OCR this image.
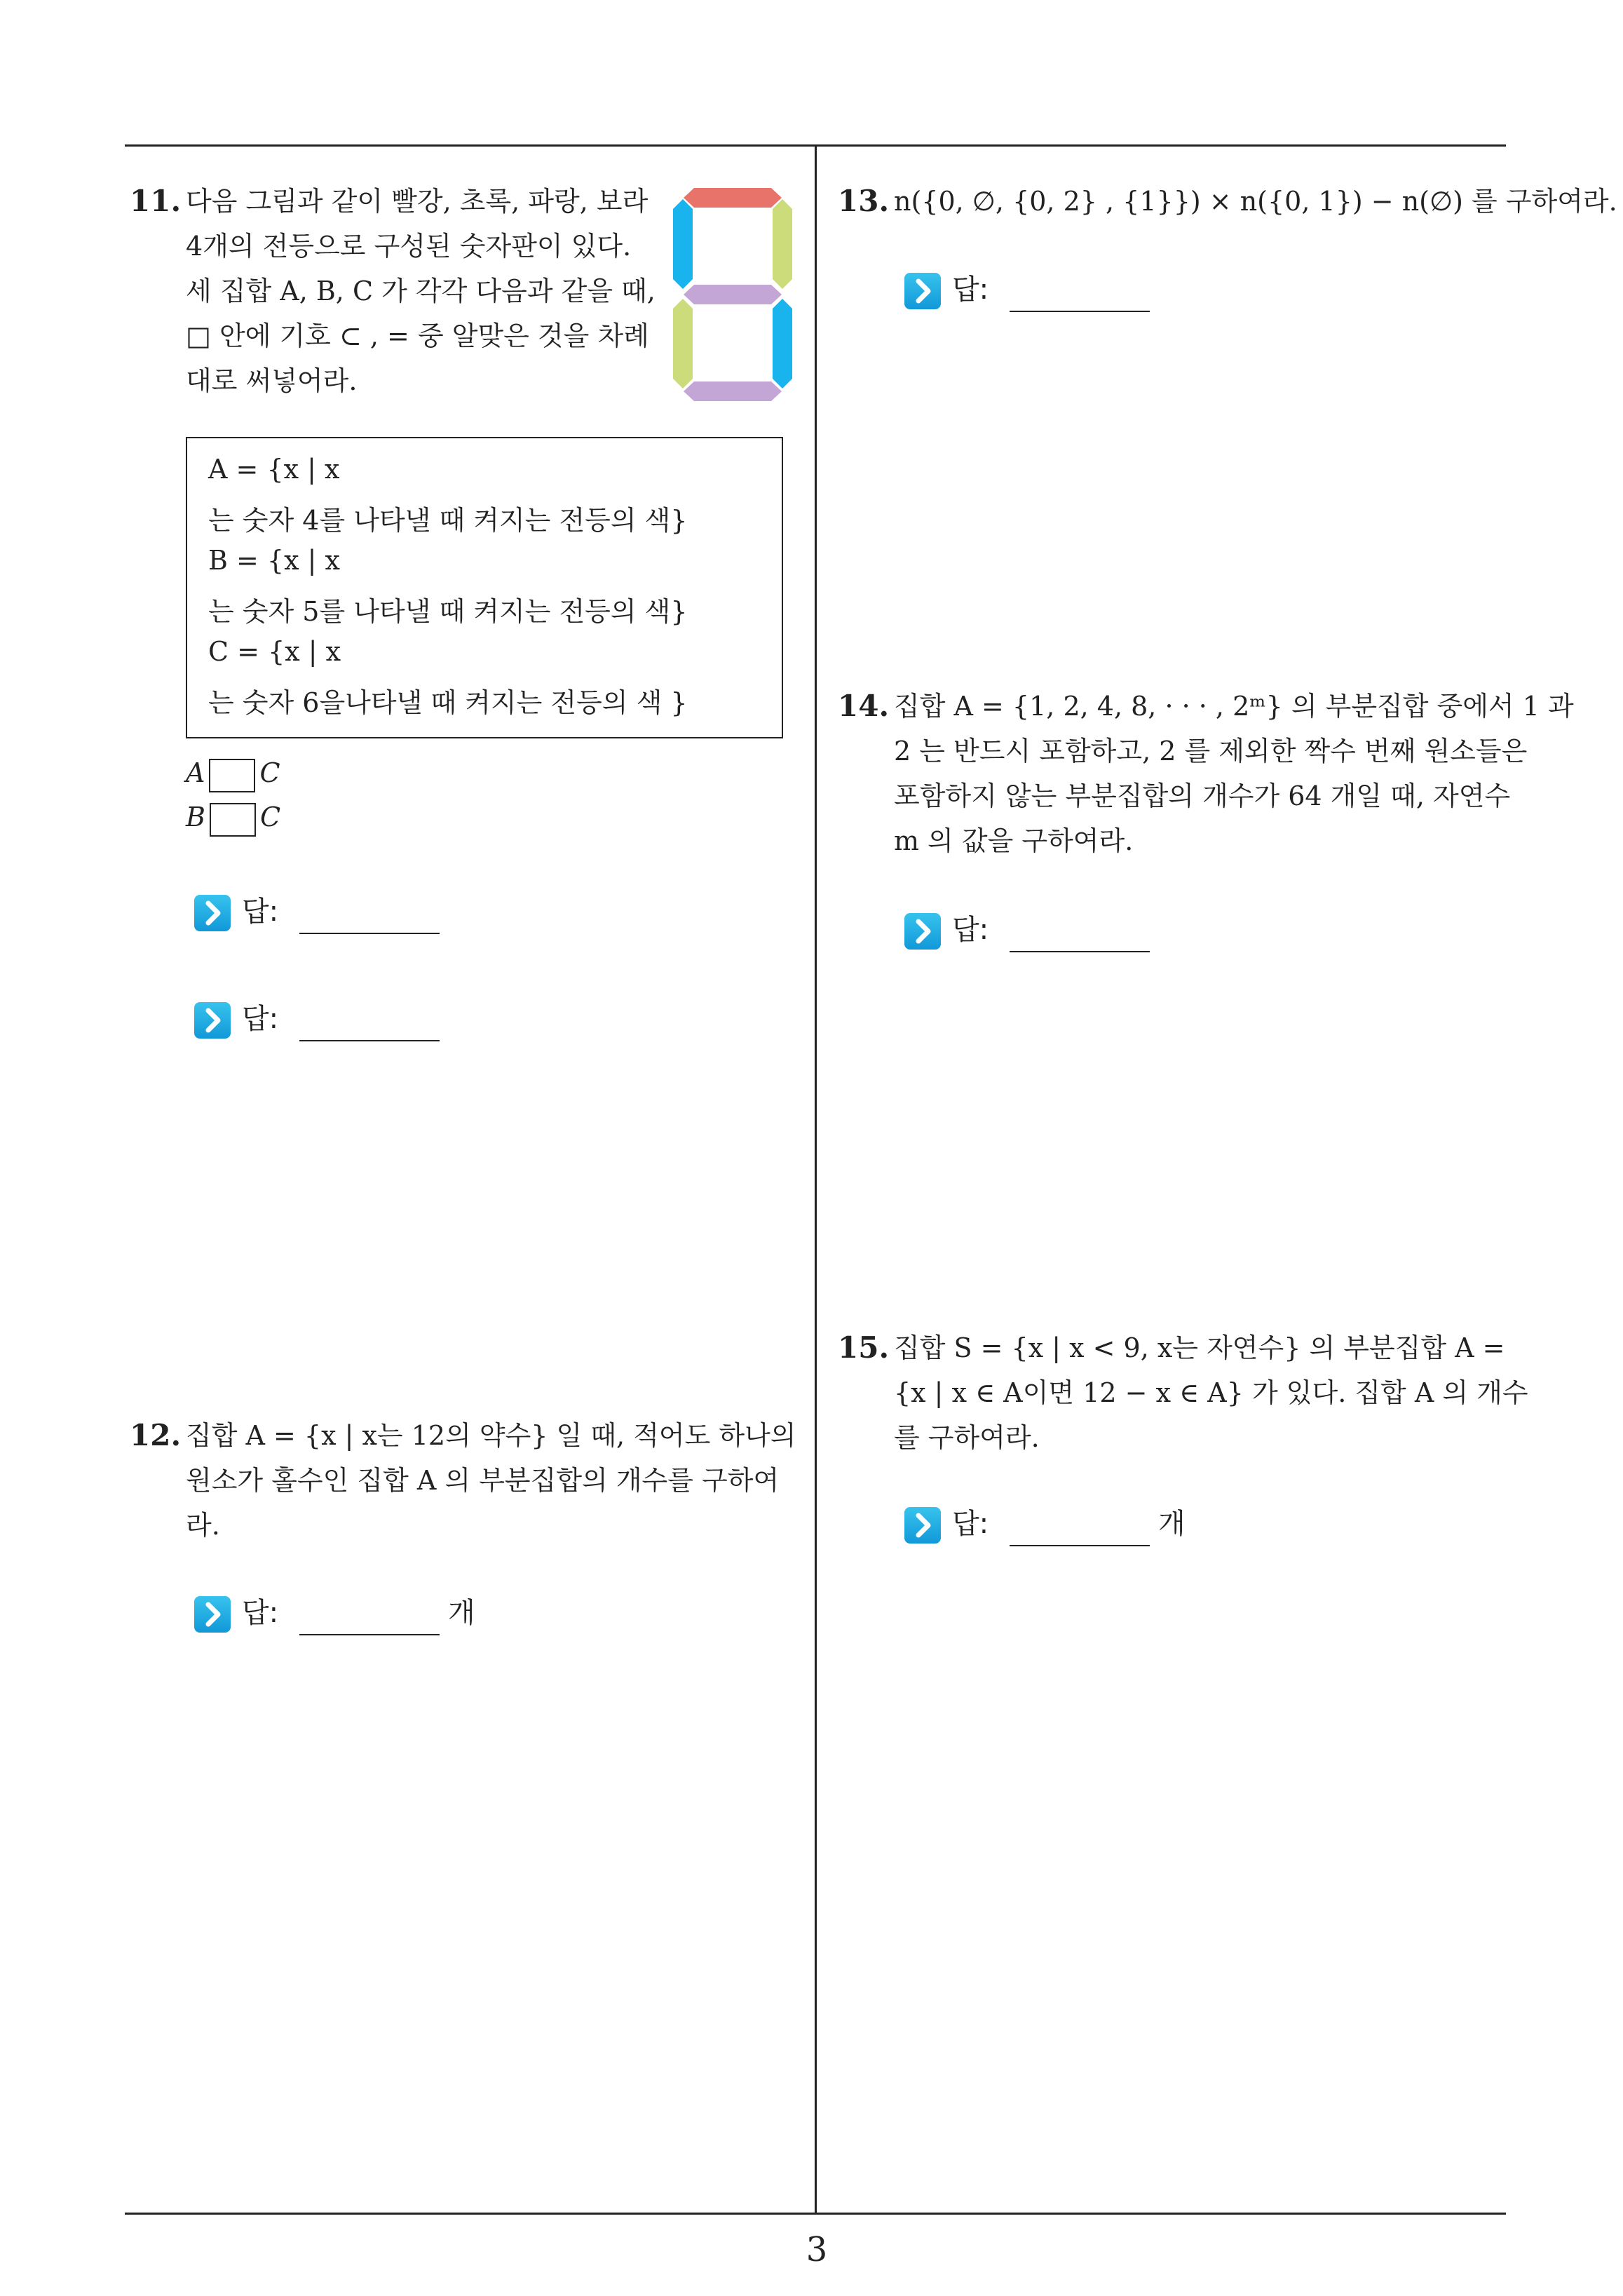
11. 다음 그림과 같이 빨강, 초록, 파랑, 보라
4개의 전등으로 구성된 숫자판이 있다.
세 집합 A, B, C 가 각각 다음과 같을 때,
□ 안에 기호 ⊂ , = 중 알맞은 것을 차례
대로 써넣어라.
A = {x | x
는 숫자 4를 나타낼 때 켜지는 전등의 색}
B = {x | x
는 숫자 5를 나타낼 때 켜지는 전등의 색}
C = {x | x
는 숫자 6을나타낼 때 켜지는 전등의 색 }
A C
B C
답:
답:
12. 집합 A = {x | x는 12의 약수} 일 때, 적어도 하나의
원소가 홀수인 집합 A 의 부분집합의 개수를 구하여
라.
답:	개
13. n({0, ∅, {0, 2} , {1}}) × n({0, 1}) − n(∅) 를 구하여라.
답:
14. 집합 A = {1, 2, 4, 8, · · · , 2ᵐ} 의 부분집합 중에서 1 과
2 는 반드시 포함하고, 2 를 제외한 짝수 번째 원소들은
포함하지 않는 부분집합의 개수가 64 개일 때, 자연수
m 의 값을 구하여라.
답:
15. 집합 S = {x | x < 9, x는 자연수} 의 부분집합 A =
{x | x ∈ A이면 12 − x ∈ A} 가 있다. 집합 A 의 개수
를 구하여라.
답:	개
3
